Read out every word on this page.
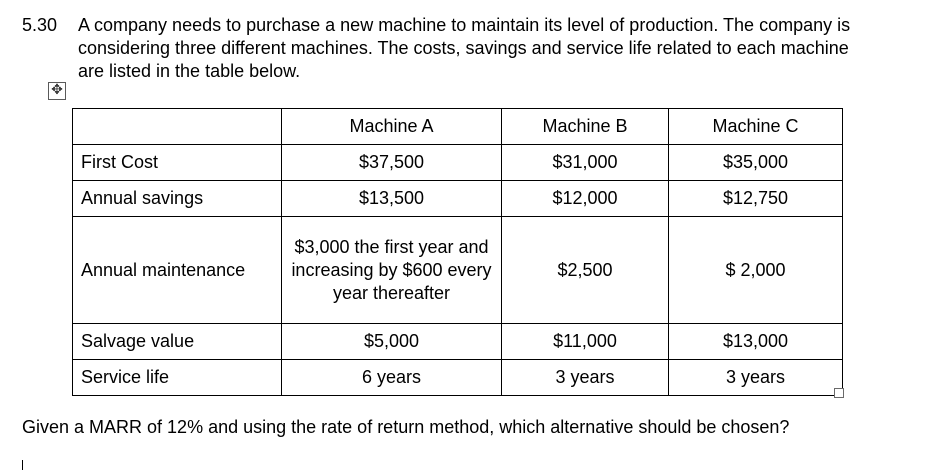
5.30 A company needs to purchase a new machine to maintain its level of production. The company is considering three different machines. The costs, savings and service life related to each machine are listed in the table below.
✥
	Machine A	Machine B	Machine C
First Cost	$37,500	$31,000	$35,000
Annual savings	$13,500	$12,000	$12,750
Annual maintenance	$3,000 the first year and increasing by $600 every year thereafter	$2,500	$ 2,000
Salvage value	$5,000	$11,000	$13,000
Service life	6 years	3 years	3 years
Given a MARR of 12% and using the rate of return method, which alternative should be chosen?
